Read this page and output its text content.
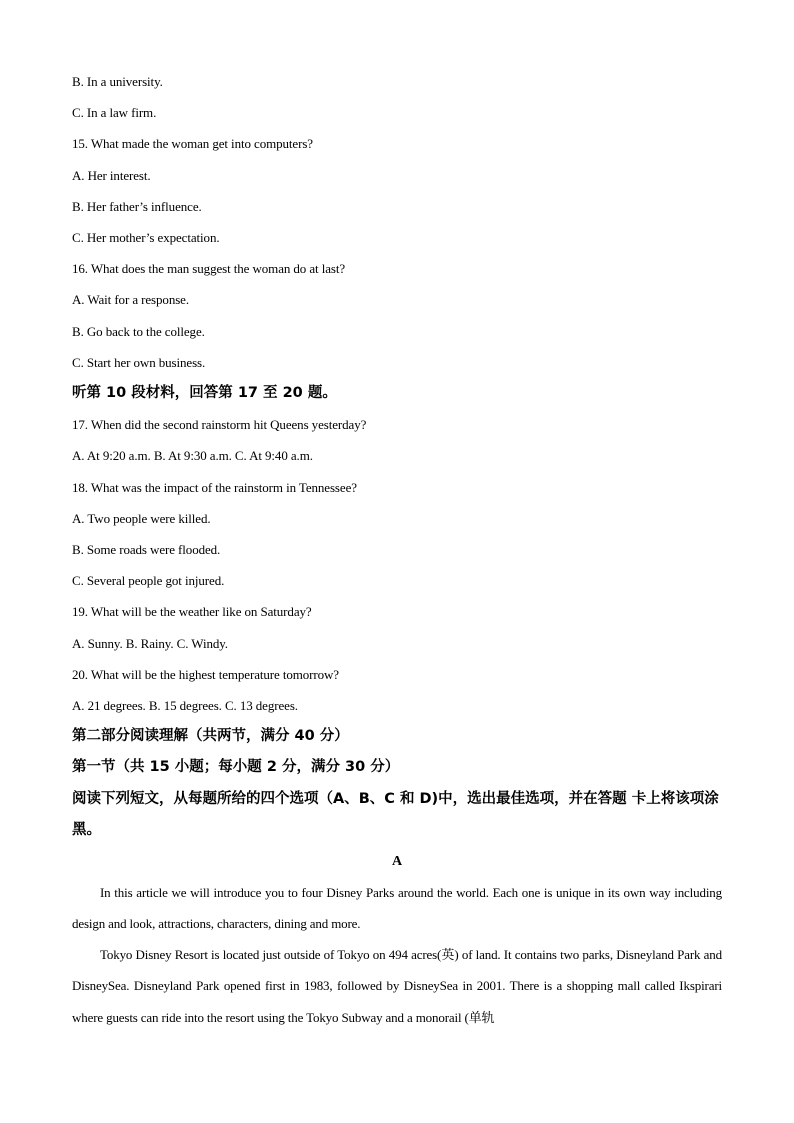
B. In a university.
C. In a law firm.
15. What made the woman get into computers?
A. Her interest.
B. Her father’s influence.
C. Her mother’s expectation.
16. What does the man suggest the woman do at last?
A. Wait for a response.
B. Go back to the college.
C. Start her own business.
听第 10 段材料，回答第 17 至 20 题。
17. When did the second rainstorm hit Queens yesterday?
A. At 9:20 a.m. B. At 9:30 a.m. C. At 9:40 a.m.
18. What was the impact of the rainstorm in Tennessee?
A. Two people were killed.
B. Some roads were flooded.
C. Several people got injured.
19. What will be the weather like on Saturday?
A. Sunny. B. Rainy. C. Windy.
20. What will be the highest temperature tomorrow?
A. 21 degrees. B. 15 degrees. C. 13 degrees.
第二部分阅读理解（共两节，满分 40 分）
第一节（共 15 小题；每小题 2 分，满分 30 分）
阅读下列短文，从每题所给的四个选项（A、B、C 和 D)中，选出最佳选项，并在答题 卡上将该项涂黑。
A
In this article we will introduce you to four Disney Parks around the world. Each one is unique in its own way including design and look, attractions, characters, dining and more.
Tokyo Disney Resort is located just outside of Tokyo on 494 acres(英) of land. It contains two parks, Disneyland Park and DisneySea. Disneyland Park opened first in 1983, followed by DisneySea in 2001. There is a shopping mall called Ikspirari where guests can ride into the resort using the Tokyo Subway and a monorail (单轨
